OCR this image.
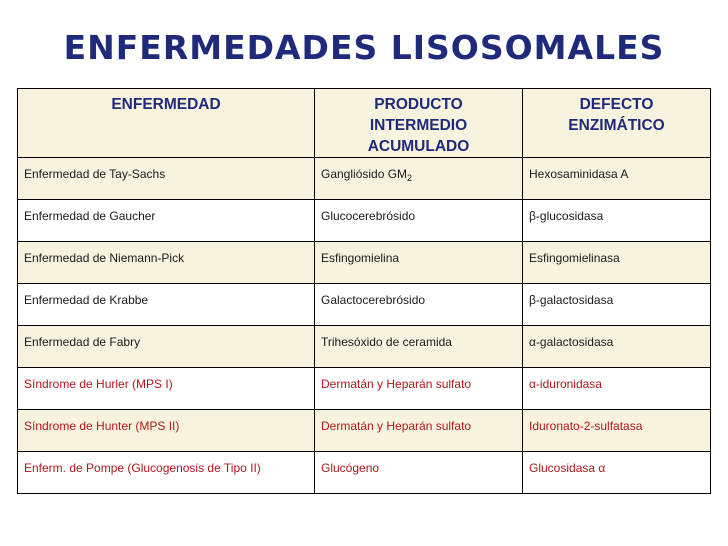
ENFERMEDADES LISOSOMALES
ENFERMEDAD	PRODUCTO INTERMEDIO ACUMULADO	DEFECTO ENZIMÁTICO

Enfermedad de Tay-Sachs	Gangliósido $GM_2$	Hexosaminidasa A
Enfermedad de Gaucher	Glucocerebrósido	β-glucosidasa
Enfermedad de Niemann-Pick	Esfingomielina	Esfingomielinasa
Enfermedad de Krabbe	Galactocerebrósido	β-galactosidasa
Enfermedad de Fabry	Trihesóxido de ceramida	α-galactosidasa
Síndrome de Hurler (MPS I)	Dermatán y Heparán sulfato	α-iduronidasa
Síndrome de Hunter (MPS II)	Dermatán y Heparán sulfato	Iduronato-2-sulfatasa
Enferm. de Pompe (Glucogenosis de Tipo II)	Glucógeno	Glucosidasa α
